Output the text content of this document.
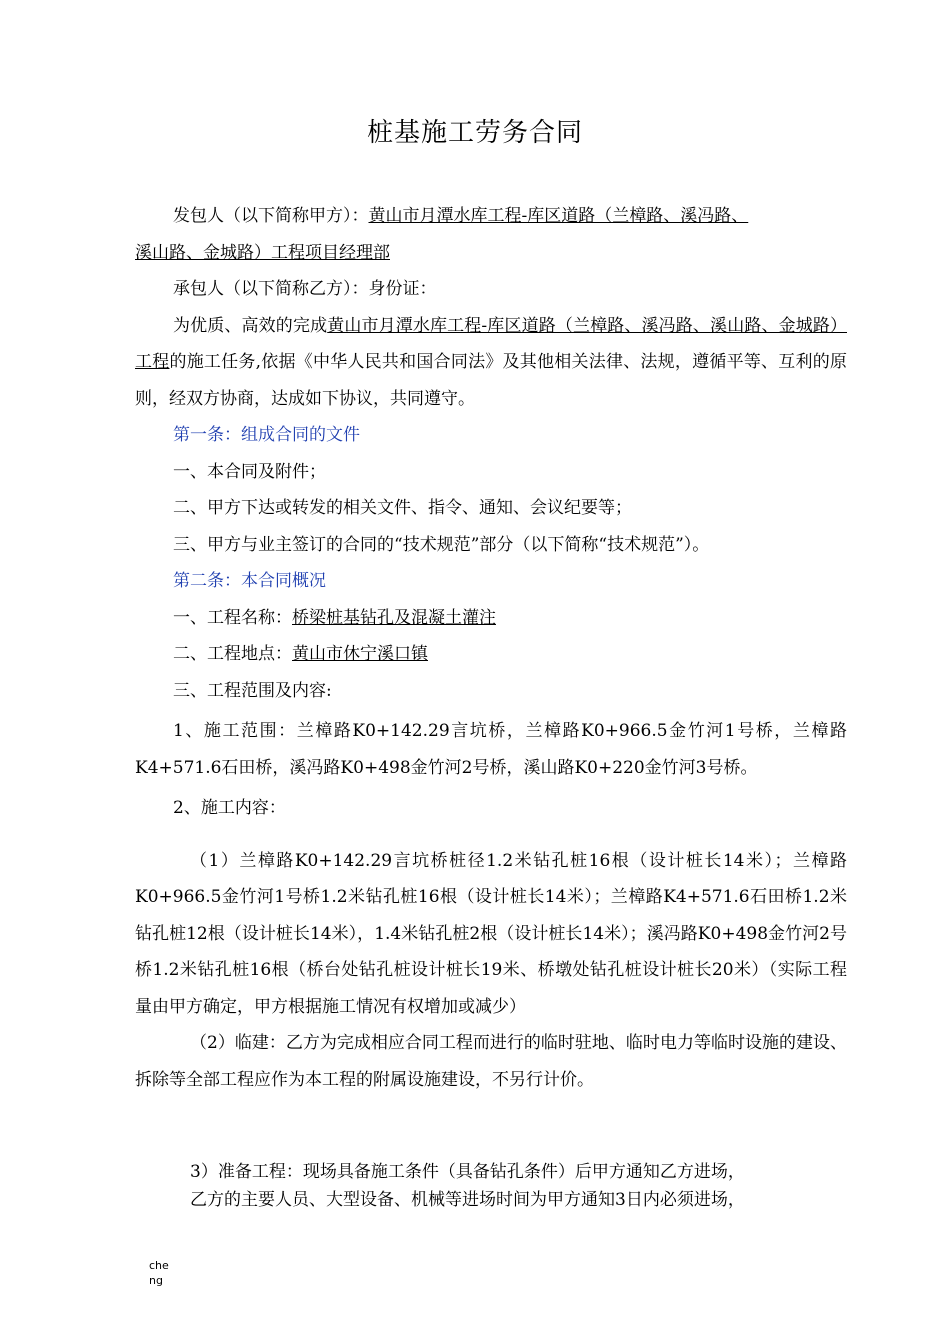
桩基施工劳务合同

发包人（以下简称甲方）：黄山市月潭水库工程-库区道路（兰樟路、溪冯路、
溪山路、金城路）工程项目经理部

承包人（以下简称乙方）：身份证：

为优质、高效的完成黄山市月潭水库工程-库区道路（兰樟路、溪冯路、溪山路、金城路）工程的施工任务,依据《中华人民共和国合同法》及其他相关法律、法规，遵循平等、互利的原则，经双方协商，达成如下协议，共同遵守。

第一条：组成合同的文件

一、本合同及附件；

二、甲方下达或转发的相关文件、指令、通知、会议纪要等；

三、甲方与业主签订的合同的“技术规范”部分（以下简称“技术规范”）。

第二条：本合同概况

一、工程名称：桥梁桩基钻孔及混凝土灌注

二、工程地点：黄山市休宁溪口镇

三、工程范围及内容:

1、施工范围：兰樟路K0+142.29言坑桥，兰樟路K0+966.5金竹河1号桥，兰樟路K4+571.6石田桥，溪冯路K0+498金竹河2号桥，溪山路K0+220金竹河3号桥。

2、施工内容：

（1）兰樟路K0+142.29言坑桥桩径1.2米钻孔桩16根（设计桩长14米）；兰樟路K0+966.5金竹河1号桥1.2米钻孔桩16根（设计桩长14米）；兰樟路K4+571.6石田桥1.2米钻孔桩12根（设计桩长14米），1.4米钻孔桩2根（设计桩长14米）；溪冯路K0+498金竹河2号桥1.2米钻孔桩16根（桥台处钻孔桩设计桩长19米、桥墩处钻孔桩设计桩长20米）（实际工程量由甲方确定，甲方根据施工情况有权增加或减少）

（2）临建：乙方为完成相应合同工程而进行的临时驻地、临时电力等临时设施的建设、拆除等全部工程应作为本工程的附属设施建设，不另行计价。

3）准备工程：现场具备施工条件（具备钻孔条件）后甲方通知乙方进场，

乙方的主要人员、大型设备、机械等进场时间为甲方通知3日内必须进场，

che
ng
